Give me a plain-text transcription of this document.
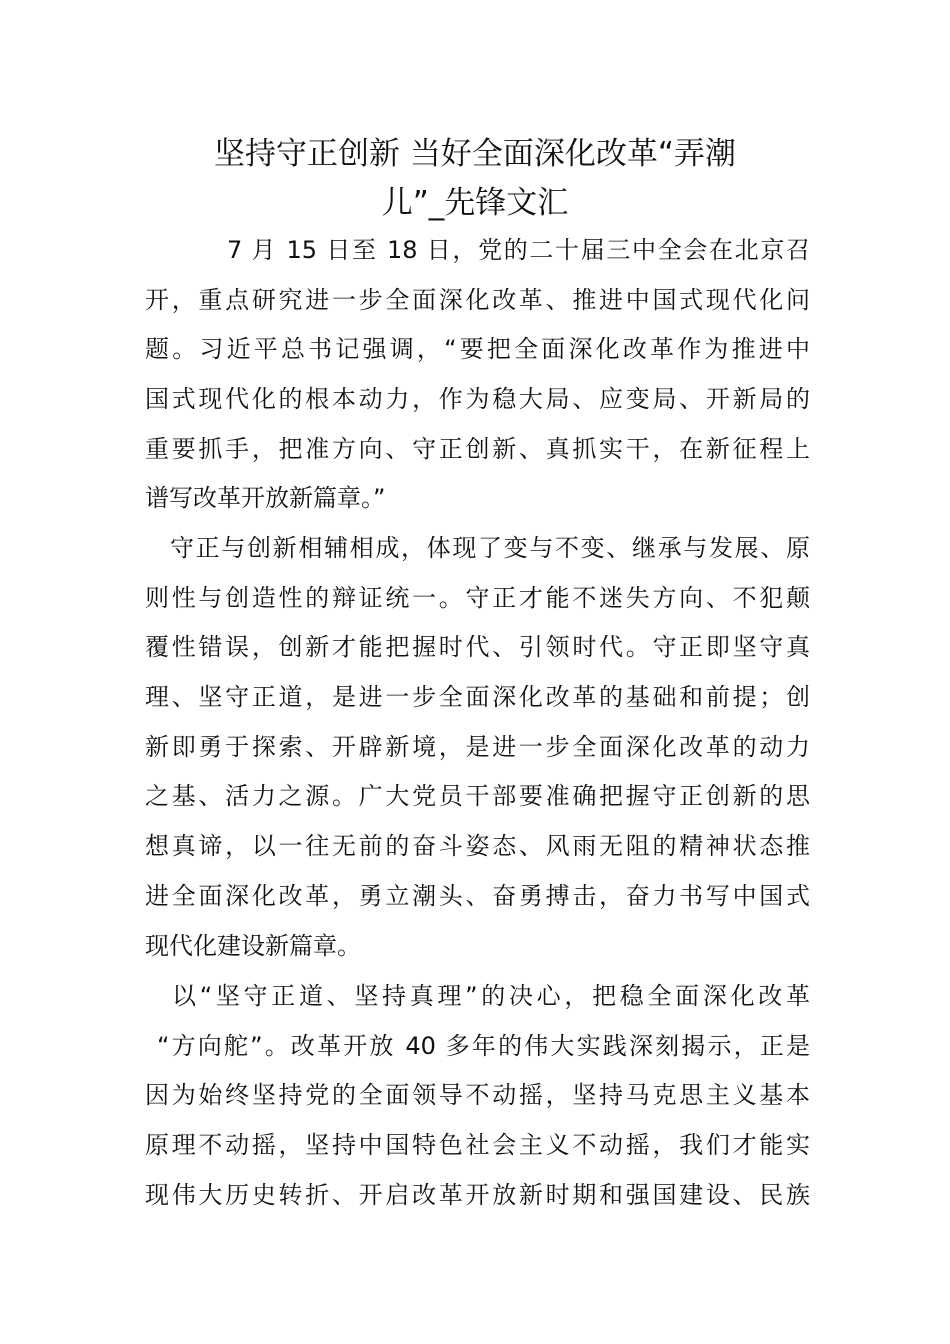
坚持守正创新 当好全面深化改革“弄潮
儿”_先锋文汇
7 月 15 日至 18 日，党的二十届三中全会在北京召
开，重点研究进一步全面深化改革、推进中国式现代化问
题。习近平总书记强调，“要把全面深化改革作为推进中
国式现代化的根本动力，作为稳大局、应变局、开新局的
重要抓手，把准方向、守正创新、真抓实干，在新征程上
谱写改革开放新篇章。”
守正与创新相辅相成，体现了变与不变、继承与发展、原
则性与创造性的辩证统一。守正才能不迷失方向、不犯颠
覆性错误，创新才能把握时代、引领时代。守正即坚守真
理、坚守正道，是进一步全面深化改革的基础和前提；创
新即勇于探索、开辟新境，是进一步全面深化改革的动力
之基、活力之源。广大党员干部要准确把握守正创新的思
想真谛，以一往无前的奋斗姿态、风雨无阻的精神状态推
进全面深化改革，勇立潮头、奋勇搏击，奋力书写中国式
现代化建设新篇章。
以“坚守正道、坚持真理”的决心，把稳全面深化改革
“方向舵”。改革开放 40 多年的伟大实践深刻揭示，正是
因为始终坚持党的全面领导不动摇，坚持马克思主义基本
原理不动摇，坚持中国特色社会主义不动摇，我们才能实
现伟大历史转折、开启改革开放新时期和强国建设、民族
